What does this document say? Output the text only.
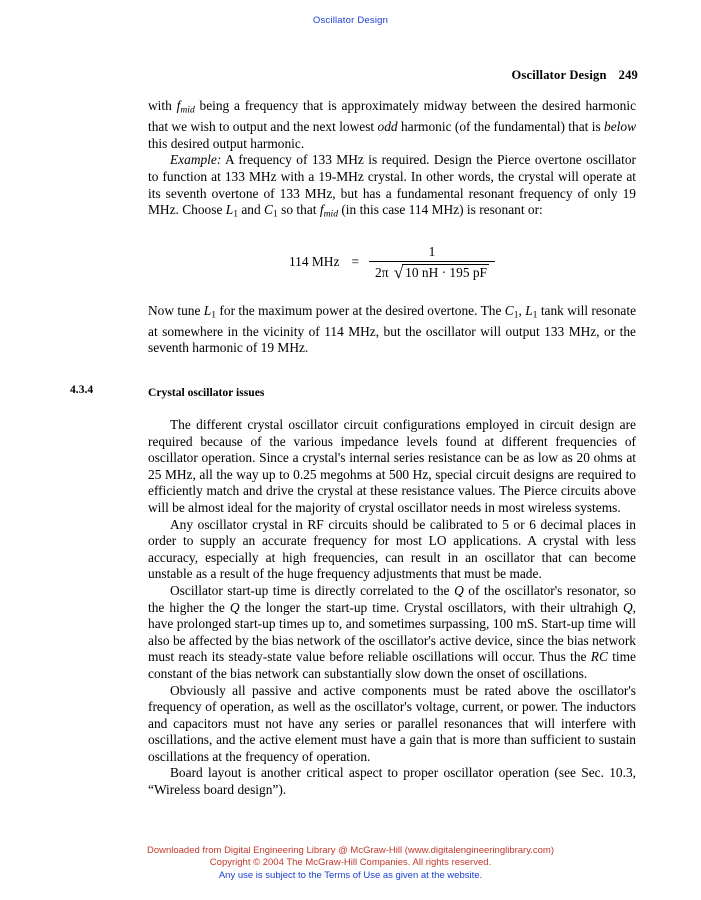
Oscillator Design
Oscillator Design 249

with $f_{mid}$ being a frequency that is approximately midway between the desired harmonic that we wish to output and the next lowest odd harmonic (of the fundamental) that is below this desired output harmonic.

Example: A frequency of 133 MHz is required. Design the Pierce overtone oscillator to function at 133 MHz with a 19-MHz crystal. In other words, the crystal will operate at its seventh overtone of 133 MHz, but has a fundamental resonant frequency of only 19 MHz. Choose $L_1$ and $C_1$ so that $f_{mid}$ (in this case 114 MHz) is resonant or:

114 MHz = $\frac{1}{2\pi √ 10 nH \cdot 195 pF}$

Now tune $L_1$ for the maximum power at the desired overtone. The $C_1$, $L_1$ tank will resonate at somewhere in the vicinity of 114 MHz, but the oscillator will output 133 MHz, or the seventh harmonic of 19 MHz.

4.3.4	Crystal oscillator issues

The different crystal oscillator circuit configurations employed in circuit design are required because of the various impedance levels found at different frequencies of oscillator operation. Since a crystal's internal series resistance can be as low as 20 ohms at 25 MHz, all the way up to 0.25 megohms at 500 Hz, special circuit designs are required to efficiently match and drive the crystal at these resistance values. The Pierce circuits above will be almost ideal for the majority of crystal oscillator needs in most wireless systems.

Any oscillator crystal in RF circuits should be calibrated to 5 or 6 decimal places in order to supply an accurate frequency for most LO applications. A crystal with less accuracy, especially at high frequencies, can result in an oscillator that can become unstable as a result of the huge frequency adjustments that must be made.

Oscillator start-up time is directly correlated to the Q of the oscillator's resonator, so the higher the Q the longer the start-up time. Crystal oscillators, with their ultrahigh Q, have prolonged start-up times up to, and sometimes surpassing, 100 mS. Start-up time will also be affected by the bias network of the oscillator's active device, since the bias network must reach its steady-state value before reliable oscillations will occur. Thus the RC time constant of the bias network can substantially slow down the onset of oscillations.

Obviously all passive and active components must be rated above the oscillator's frequency of operation, as well as the oscillator's voltage, current, or power. The inductors and capacitors must not have any series or parallel resonances that will interfere with oscillations, and the active element must have a gain that is more than sufficient to sustain oscillations at the frequency of operation.

Board layout is another critical aspect to proper oscillator operation (see Sec. 10.3, “Wireless board design”).

Downloaded from Digital Engineering Library @ McGraw-Hill (www.digitalengineeringlibrary.com)
Copyright © 2004 The McGraw-Hill Companies. All rights reserved.
Any use is subject to the Terms of Use as given at the website.
